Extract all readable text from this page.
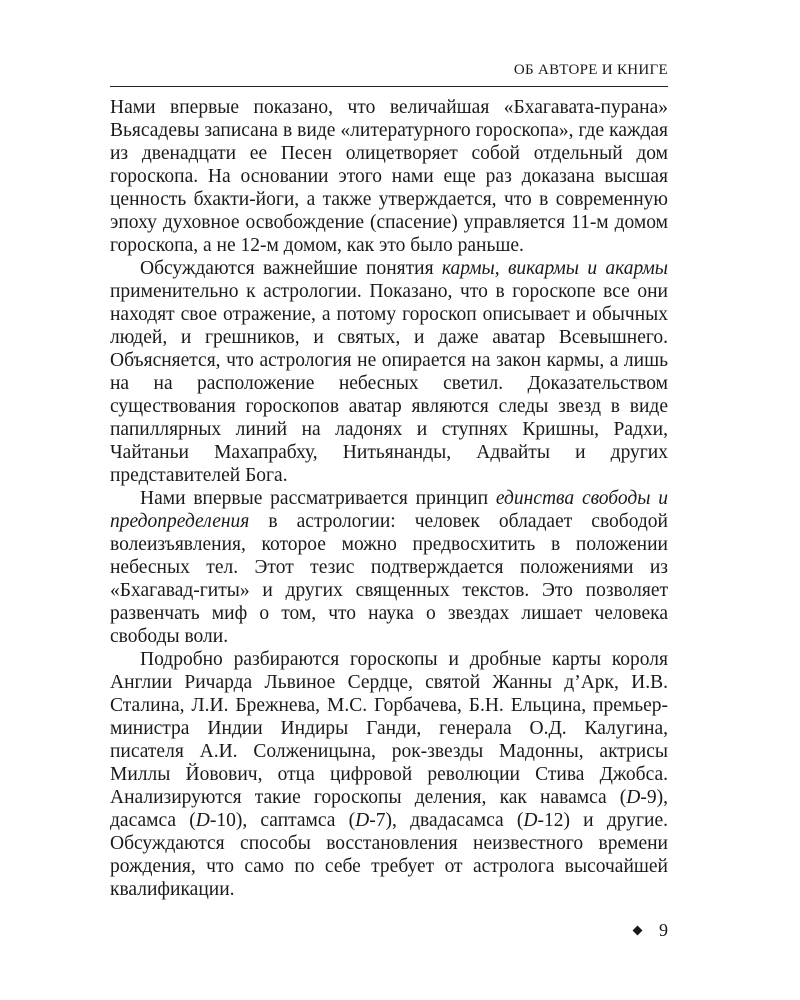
ОБ АВТОРЕ И КНИГЕ

Нами впервые показано, что величайшая «Бхагавата-пурана» Вьясадевы записана в виде «литературного гороскопа», где каждая из двенадцати ее Песен олицетворяет собой отдельный дом гороскопа. На основании этого нами еще раз доказана высшая ценность бхакти-йоги, а также утверждается, что в современную эпоху духовное освобождение (спасение) управляется 11-м домом гороскопа, а не 12-м домом, как это было раньше.

Обсуждаются важнейшие понятия кармы, викармы и акармы применительно к астрологии. Показано, что в гороскопе все они находят свое отражение, а потому гороскоп описывает и обычных людей, и грешников, и святых, и даже аватар Всевышнего. Объясняется, что астрология не опирается на закон кармы, а лишь на на расположение небесных светил. Доказательством существования гороскопов аватар являются следы звезд в виде папиллярных линий на ладонях и ступнях Кришны, Радхи, Чайтаньи Махапрабху, Нитьянанды, Адвайты и других представителей Бога.

Нами впервые рассматривается принцип единства свободы и предопределения в астрологии: человек обладает свободой волеизъявления, которое можно предвосхитить в положении небесных тел. Этот тезис подтверждается положениями из «Бхагавад-гиты» и других священных текстов. Это позволяет развенчать миф о том, что наука о звездах лишает человека свободы воли.

Подробно разбираются гороскопы и дробные карты короля Англии Ричарда Львиное Сердце, святой Жанны д’Арк, И.В. Сталина, Л.И. Брежнева, М.С. Горбачева, Б.Н. Ельцина, премьер-министра Индии Индиры Ганди, генерала О.Д. Калугина, писателя А.И. Солженицына, рок-звезды Мадонны, актрисы Миллы Йовович, отца цифровой революции Стива Джобса. Анализируются такие гороскопы деления, как навамса (D-9), дасамса (D-10), саптамса (D-7), двадасамса (D-12) и другие. Обсуждаются способы восстановления неизвестного времени рождения, что само по себе требует от астролога высочайшей квалификации.

9
